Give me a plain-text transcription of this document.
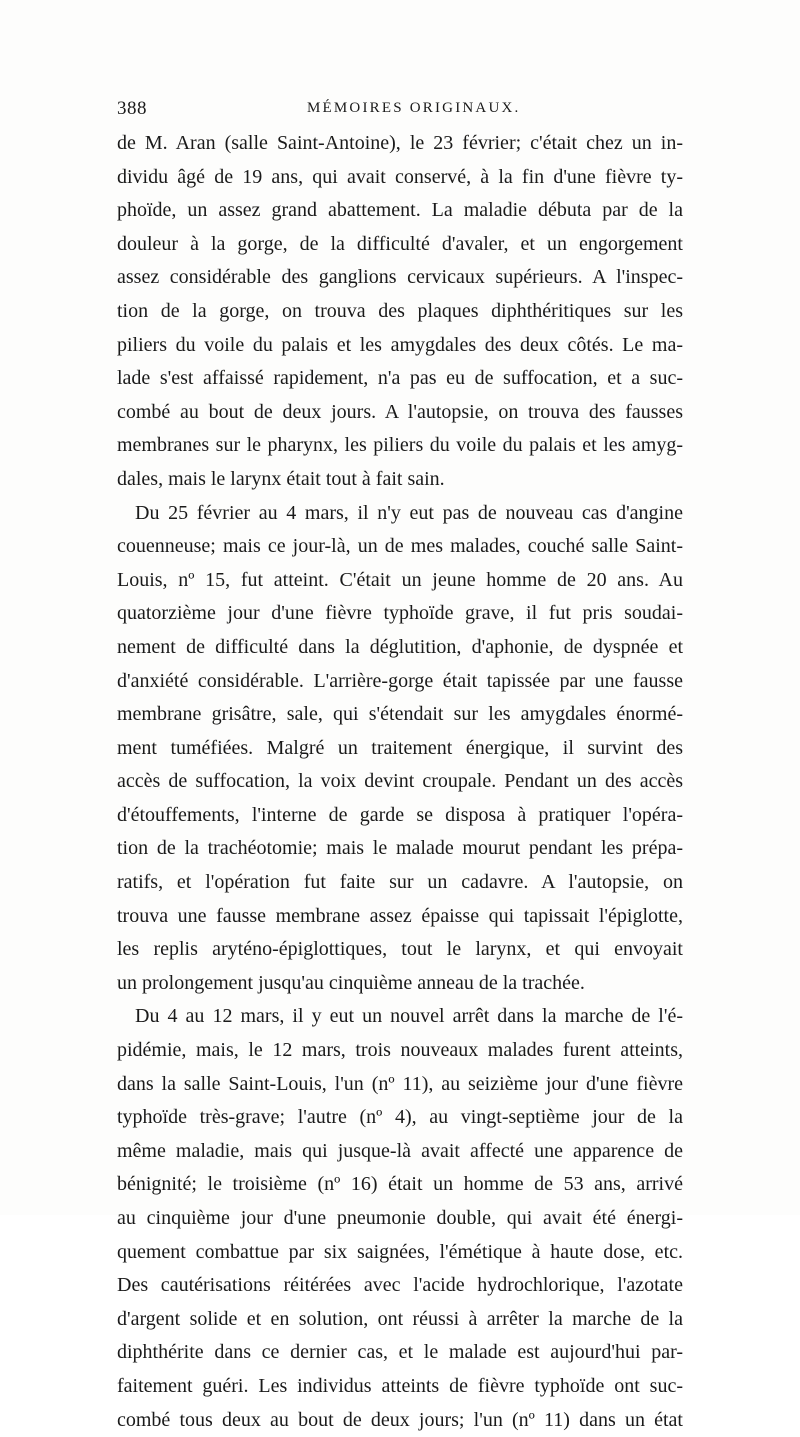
388	MÉMOIRES ORIGINAUX.
de M. Aran (salle Saint-Antoine), le 23 février; c'était chez un in-
dividu âgé de 19 ans, qui avait conservé, à la fin d'une fièvre ty-
phoïde, un assez grand abattement. La maladie débuta par de la
douleur à la gorge, de la difficulté d'avaler, et un engorgement
assez considérable des ganglions cervicaux supérieurs. A l'inspec-
tion de la gorge, on trouva des plaques diphthéritiques sur les
piliers du voile du palais et les amygdales des deux côtés. Le ma-
lade s'est affaissé rapidement, n'a pas eu de suffocation, et a suc-
combé au bout de deux jours. A l'autopsie, on trouva des fausses
membranes sur le pharynx, les piliers du voile du palais et les amyg-
dales, mais le larynx était tout à fait sain.
Du 25 février au 4 mars, il n'y eut pas de nouveau cas d'angine
couenneuse; mais ce jour-là, un de mes malades, couché salle Saint-
Louis, nº 15, fut atteint. C'était un jeune homme de 20 ans. Au
quatorzième jour d'une fièvre typhoïde grave, il fut pris soudai-
nement de difficulté dans la déglutition, d'aphonie, de dyspnée et
d'anxiété considérable. L'arrière-gorge était tapissée par une fausse
membrane grisâtre, sale, qui s'étendait sur les amygdales énormé-
ment tuméfiées. Malgré un traitement énergique, il survint des
accès de suffocation, la voix devint croupale. Pendant un des accès
d'étouffements, l'interne de garde se disposa à pratiquer l'opéra-
tion de la trachéotomie; mais le malade mourut pendant les prépa-
ratifs, et l'opération fut faite sur un cadavre. A l'autopsie, on
trouva une fausse membrane assez épaisse qui tapissait l'épiglotte,
les replis aryténo-épiglottiques, tout le larynx, et qui envoyait
un prolongement jusqu'au cinquième anneau de la trachée.
Du 4 au 12 mars, il y eut un nouvel arrêt dans la marche de l'é-
pidémie, mais, le 12 mars, trois nouveaux malades furent atteints,
dans la salle Saint-Louis, l'un (nº 11), au seizième jour d'une fièvre
typhoïde très-grave; l'autre (nº 4), au vingt-septième jour de la
même maladie, mais qui jusque-là avait affecté une apparence de
bénignité; le troisième (nº 16) était un homme de 53 ans, arrivé
au cinquième jour d'une pneumonie double, qui avait été énergi-
quement combattue par six saignées, l'émétique à haute dose, etc.
Des cautérisations réitérées avec l'acide hydrochlorique, l'azotate
d'argent solide et en solution, ont réussi à arrêter la marche de la
diphthérite dans ce dernier cas, et le malade est aujourd'hui par-
faitement guéri. Les individus atteints de fièvre typhoïde ont suc-
combé tous deux au bout de deux jours; l'un (nº 11) dans un état
